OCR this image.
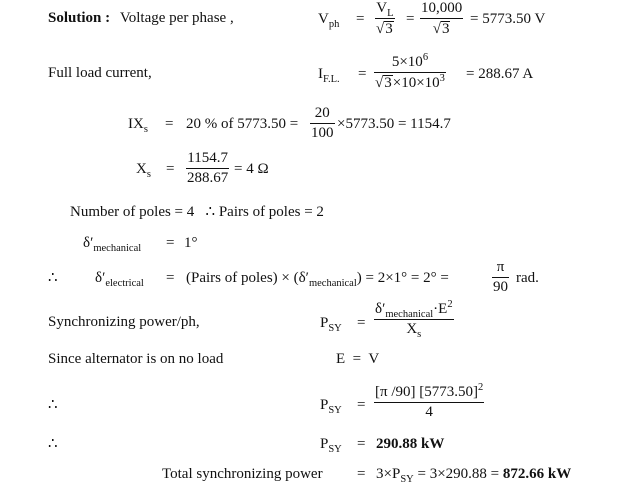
Solution : Voltage per phase ,	$V_{ph} = \frac{V_L}{√3} = \frac{10,000}{√3} = 5773.50$ V
Full load current,	$I_{F.L.} = \frac{5\times 10^6}{√3\times 10\times 10^3} = 288.67$ A
$IX_s = 20$ % of $5773.50 = \frac{20}{100} \times 5773.50 = 1154.7$
$X_s = \frac{1154.7}{288.67} = 4$ Ω
Number of poles = 4   ∴ Pairs of poles = 2
$\delta'_{mechanical} = 1^\circ$
∴ $\delta'_{electrical}$ = (Pairs of poles) × $(\delta'_{mechanical}) = 2\times 1^\circ = 2^\circ$ =	$\frac{\pi}{90}$ rad.
Synchronizing power/ph,	$P_{SY}$ =
$\delta'_{mechanical}\cdot E^2$
$X_s$
Since alternator is on no load	E  =  V
∴	$P_{SY} = \frac{[\pi /90] [5773.50]^2}{4}$
∴	$P_{SY} = 290.88$ kW
Total synchronizing power = $3\times P_{SY} = 3\times 290.88 = 872.66$ kW
